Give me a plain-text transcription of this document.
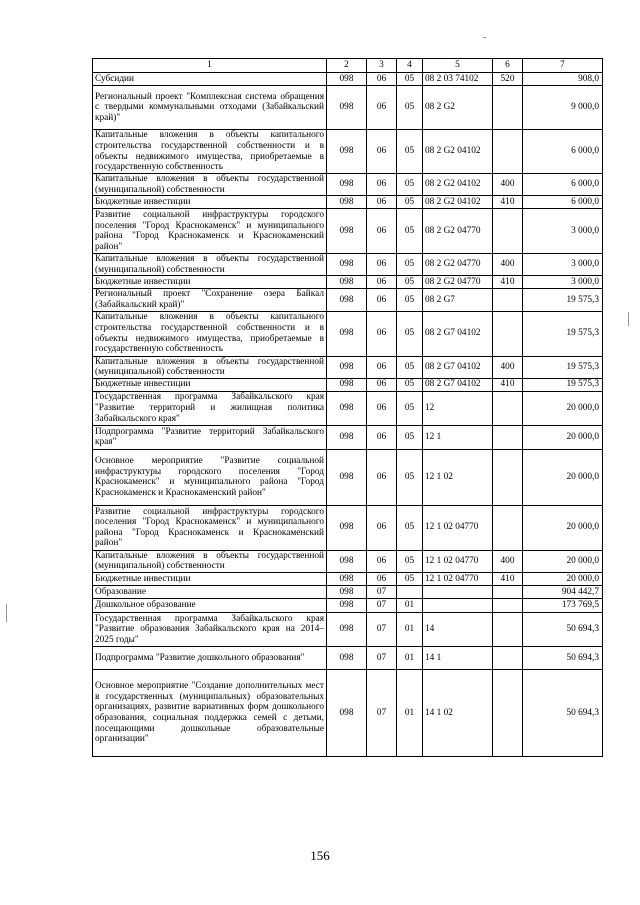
1	2	3	4	5	6	7
Субсидии	098	06	05	08 2 03 74102	520	908,0
Региональный проект "Комплексная система обращения с твердыми коммунальными отходами (Забайкальский край)"	098	06	05	08 2 G2		9 000,0
Капитальные вложения в объекты капитального строительства государственной собственности и в объекты недвижимого имущества, приобретаемые в государственную собственность	098	06	05	08 2 G2 04102		6 000,0
Капитальные вложения в объекты государственной (муниципальной) собственности	098	06	05	08 2 G2 04102	400	6 000,0
Бюджетные инвестиции	098	06	05	08 2 G2 04102	410	6 000,0
Развитие социальной инфраструктуры городского поселения "Город Краснокаменск" и муниципального района "Город Краснокаменск и Краснокаменский район"	098	06	05	08 2 G2 04770		3 000,0
Капитальные вложения в объекты государственной (муниципальной) собственности	098	06	05	08 2 G2 04770	400	3 000,0
Бюджетные инвестиции	098	06	05	08 2 G2 04770	410	3 000,0
Региональный проект "Сохранение озера Байкал (Забайкальский край)"	098	06	05	08 2 G7		19 575,3
Капитальные вложения в объекты капитального строительства государственной собственности и в объекты недвижимого имущества, приобретаемые в государственную собственность	098	06	05	08 2 G7 04102		19 575,3
Капитальные вложения в объекты государственной (муниципальной) собственности	098	06	05	08 2 G7 04102	400	19 575,3
Бюджетные инвестиции	098	06	05	08 2 G7 04102	410	19 575,3
Государственная программа Забайкальского края "Развитие территорий и жилищная политика Забайкальского края"	098	06	05	12		20 000,0
Подпрограмма "Развитие территорий Забайкальского края"	098	06	05	12 1		20 000,0
Основное мероприятие "Развитие социальной инфраструктуры городского поселения "Город Краснокаменск" и муниципального района "Город Краснокаменск и Краснокаменский район"	098	06	05	12 1 02		20 000,0
Развитие социальной инфраструктуры городского поселения "Город Краснокаменск" и муниципального района "Город Краснокаменск и Краснокаменский район"	098	06	05	12 1 02 04770		20 000,0
Капитальные вложения в объекты государственной (муниципальной) собственности	098	06	05	12 1 02 04770	400	20 000,0
Бюджетные инвестиции	098	06	05	12 1 02 04770	410	20 000,0
Образование	098	07				904 442,7
Дошкольное образование	098	07	01			173 769,5
Государственная программа Забайкальского края "Развитие образования Забайкальского края на 2014–2025 годы"	098	07	01	14		50 694,3
Подпрограмма "Развитие дошкольного образования"	098	07	01	14 1		50 694,3
Основное мероприятие "Создание дополнительных мест в государственных (муниципальных) образовательных организациях, развитие вариативных форм дошкольного образования, социальная поддержка семей с детьми, посещающими дошкольные образовательные организации"	098	07	01	14 1 02		50 694,3
156
